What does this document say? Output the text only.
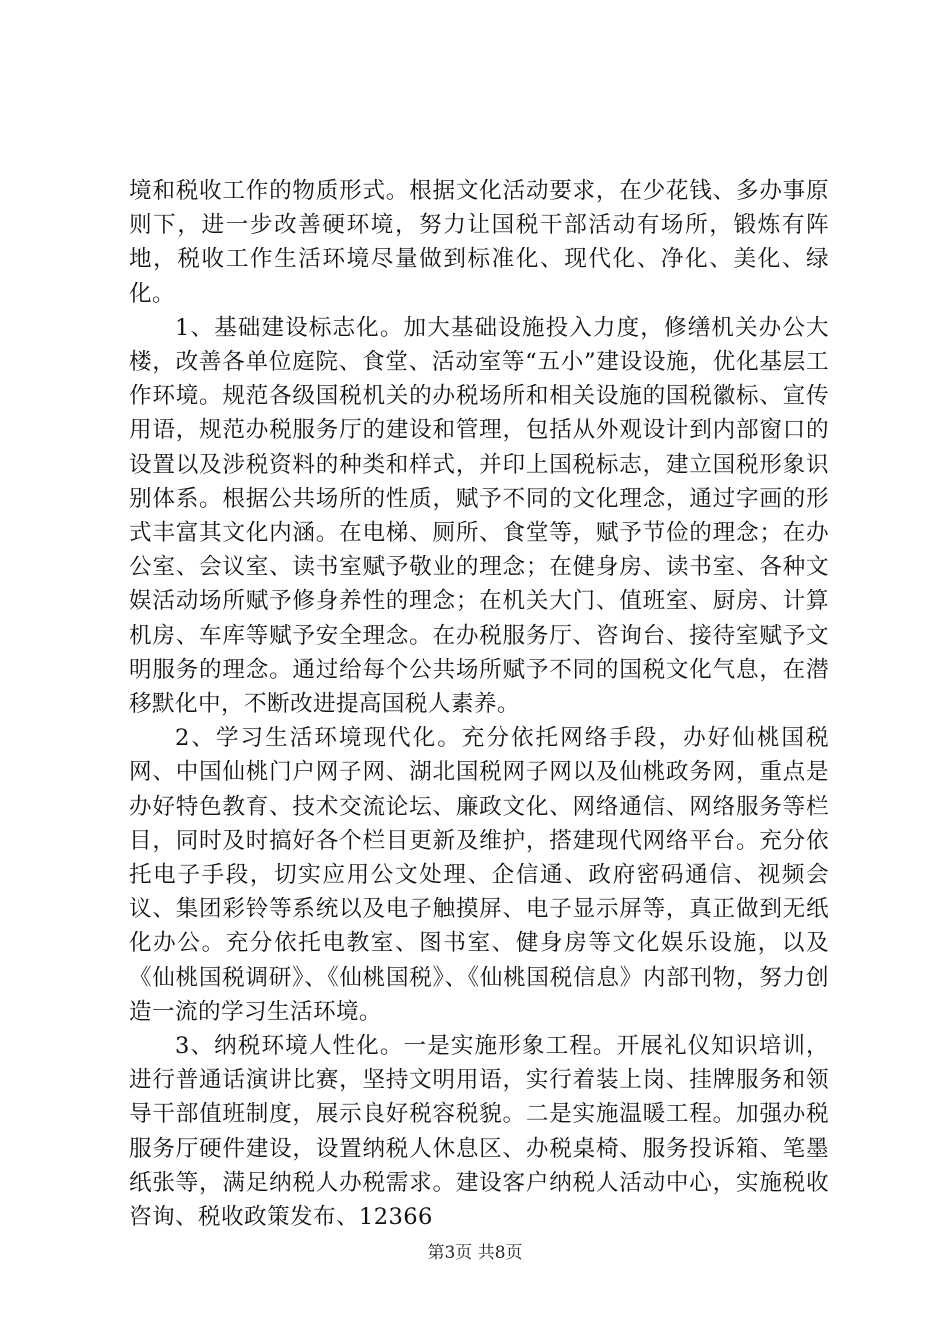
境和税收工作的物质形式。根据文化活动要求，在少花钱、多办事原则下，进一步改善硬环境，努力让国税干部活动有场所，锻炼有阵地，税收工作生活环境尽量做到标准化、现代化、净化、美化、绿化。

1、基础建设标志化。加大基础设施投入力度，修缮机关办公大楼，改善各单位庭院、食堂、活动室等“五小”建设设施，优化基层工作环境。规范各级国税机关的办税场所和相关设施的国税徽标、宣传用语，规范办税服务厅的建设和管理，包括从外观设计到内部窗口的设置以及涉税资料的种类和样式，并印上国税标志，建立国税形象识别体系。根据公共场所的性质，赋予不同的文化理念，通过字画的形式丰富其文化内涵。在电梯、厕所、食堂等，赋予节俭的理念；在办公室、会议室、读书室赋予敬业的理念；在健身房、读书室、各种文娱活动场所赋予修身养性的理念；在机关大门、值班室、厨房、计算机房、车库等赋予安全理念。在办税服务厅、咨询台、接待室赋予文明服务的理念。通过给每个公共场所赋予不同的国税文化气息，在潜移默化中，不断改进提高国税人素养。

2、学习生活环境现代化。充分依托网络手段，办好仙桃国税网、中国仙桃门户网子网、湖北国税网子网以及仙桃政务网，重点是办好特色教育、技术交流论坛、廉政文化、网络通信、网络服务等栏目，同时及时搞好各个栏目更新及维护，搭建现代网络平台。充分依托电子手段，切实应用公文处理、企信通、政府密码通信、视频会议、集团彩铃等系统以及电子触摸屏、电子显示屏等，真正做到无纸化办公。充分依托电教室、图书室、健身房等文化娱乐设施，以及《仙桃国税调研》、《仙桃国税》、《仙桃国税信息》内部刊物，努力创造一流的学习生活环境。

3、纳税环境人性化。一是实施形象工程。开展礼仪知识培训，进行普通话演讲比赛，坚持文明用语，实行着装上岗、挂牌服务和领导干部值班制度，展示良好税容税貌。二是实施温暖工程。加强办税服务厅硬件建设，设置纳税人休息区、办税桌椅、服务投诉箱、笔墨纸张等，满足纳税人办税需求。建设客户纳税人活动中心，实施税收咨询、税收政策发布、12366

第3页 共8页
